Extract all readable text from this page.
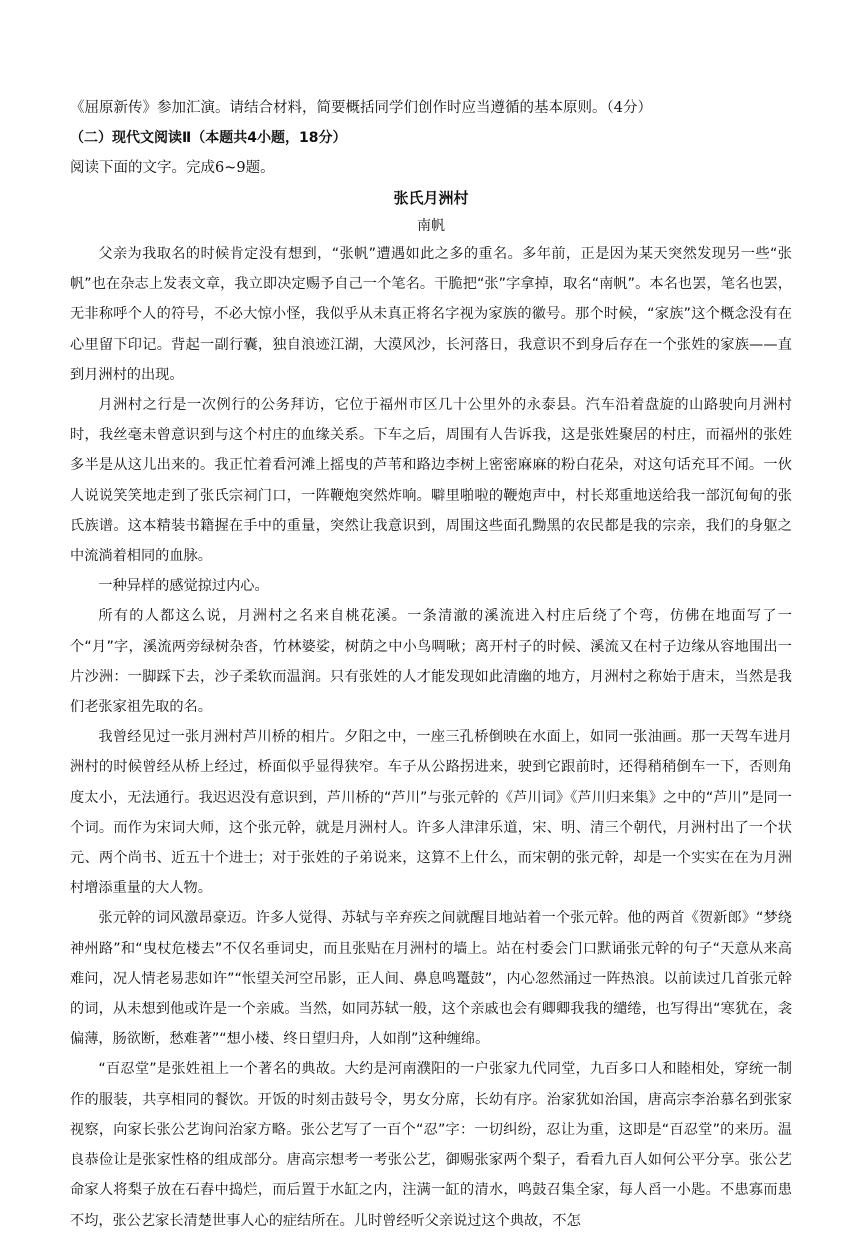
《屈原新传》参加汇演。请结合材料，简要概括同学们创作时应当遵循的基本原则。（4分）

（二）现代文阅读Ⅱ（本题共4小题，18分）

阅读下面的文字。完成6~9题。

张氏月洲村

南帆

父亲为我取名的时候肯定没有想到，“张帆”遭遇如此之多的重名。多年前，正是因为某天突然发现另一些“张帆”也在杂志上发表文章，我立即决定赐予自己一个笔名。干脆把“张”字拿掉，取名“南帆”。本名也罢，笔名也罢，无非称呼个人的符号，不必大惊小怪，我似乎从未真正将名字视为家族的徽号。那个时候，“家族”这个概念没有在心里留下印记。背起一副行囊，独自浪迹江湖，大漠风沙，长河落日，我意识不到身后存在一个张姓的家族——直到月洲村的出现。

月洲村之行是一次例行的公务拜访，它位于福州市区几十公里外的永泰县。汽车沿着盘旋的山路驶向月洲村时，我丝毫未曾意识到与这个村庄的血缘关系。下车之后，周围有人告诉我，这是张姓聚居的村庄，而福州的张姓多半是从这儿出来的。我正忙着看河滩上摇曳的芦苇和路边李树上密密麻麻的粉白花朵，对这句话充耳不闻。一伙人说说笑笑地走到了张氏宗祠门口，一阵鞭炮突然炸响。噼里啪啦的鞭炮声中，村长郑重地送给我一部沉甸甸的张氏族谱。这本精装书籍握在手中的重量，突然让我意识到，周围这些面孔黝黑的农民都是我的宗亲，我们的身躯之中流淌着相同的血脉。

一种异样的感觉掠过内心。

所有的人都这么说，月洲村之名来自桃花溪。一条清澈的溪流进入村庄后绕了个弯，仿佛在地面写了一个“月”字，溪流两旁绿树杂沓，竹林婆娑，树荫之中小鸟啁啾；离开村子的时候、溪流又在村子边缘从容地围出一片沙洲：一脚踩下去，沙子柔软而温润。只有张姓的人才能发现如此清幽的地方，月洲村之称始于唐末，当然是我们老张家祖先取的名。

我曾经见过一张月洲村芦川桥的相片。夕阳之中，一座三孔桥倒映在水面上，如同一张油画。那一天驾车进月洲村的时候曾经从桥上经过，桥面似乎显得狭窄。车子从公路拐进来，驶到它跟前时，还得稍稍倒车一下，否则角度太小，无法通行。我迟迟没有意识到，芦川桥的“芦川”与张元幹的《芦川词》《芦川归来集》之中的“芦川”是同一个词。而作为宋词大师，这个张元幹，就是月洲村人。许多人津津乐道，宋、明、清三个朝代，月洲村出了一个状元、两个尚书、近五十个进士；对于张姓的子弟说来，这算不上什么，而宋朝的张元幹，却是一个实实在在为月洲村增添重量的大人物。

张元幹的词风激昂豪迈。许多人觉得、苏轼与辛弃疾之间就醒目地站着一个张元幹。他的两首《贺新郎》“梦绕神州路”和“曳杖危楼去”不仅名垂词史，而且张贴在月洲村的墙上。站在村委会门口默诵张元幹的句子“天意从来高难问，况人情老易悲如许”“怅望关河空吊影，正人间、鼻息鸣鼍鼓”，内心忽然涌过一阵热浪。以前读过几首张元幹的词，从未想到他或许是一个亲戚。当然，如同苏轼一般，这个亲戚也会有卿卿我我的缱绻，也写得出“寒犹在，衾偏薄，肠欲断，愁难著”“想小楼、终日望归舟，人如削”这种缠绵。

“百忍堂”是张姓祖上一个著名的典故。大约是河南濮阳的一户张家九代同堂，九百多口人和睦相处，穿统一制作的服装，共享相同的餐饮。开饭的时刻击鼓号令，男女分席，长幼有序。治家犹如治国，唐高宗李治慕名到张家视察，向家长张公艺询问治家方略。张公艺写了一百个“忍”字：一切纠纷，忍让为重，这即是“百忍堂”的来历。温良恭俭让是张家性格的组成部分。唐高宗想考一考张公艺，御赐张家两个梨子，看看九百人如何公平分享。张公艺命家人将梨子放在石舂中捣烂，而后置于水缸之内，注满一缸的清水，鸣鼓召集全家，每人舀一小匙。不患寡而患不均，张公艺家长清楚世事人心的症结所在。儿时曾经听父亲说过这个典故，不怎
